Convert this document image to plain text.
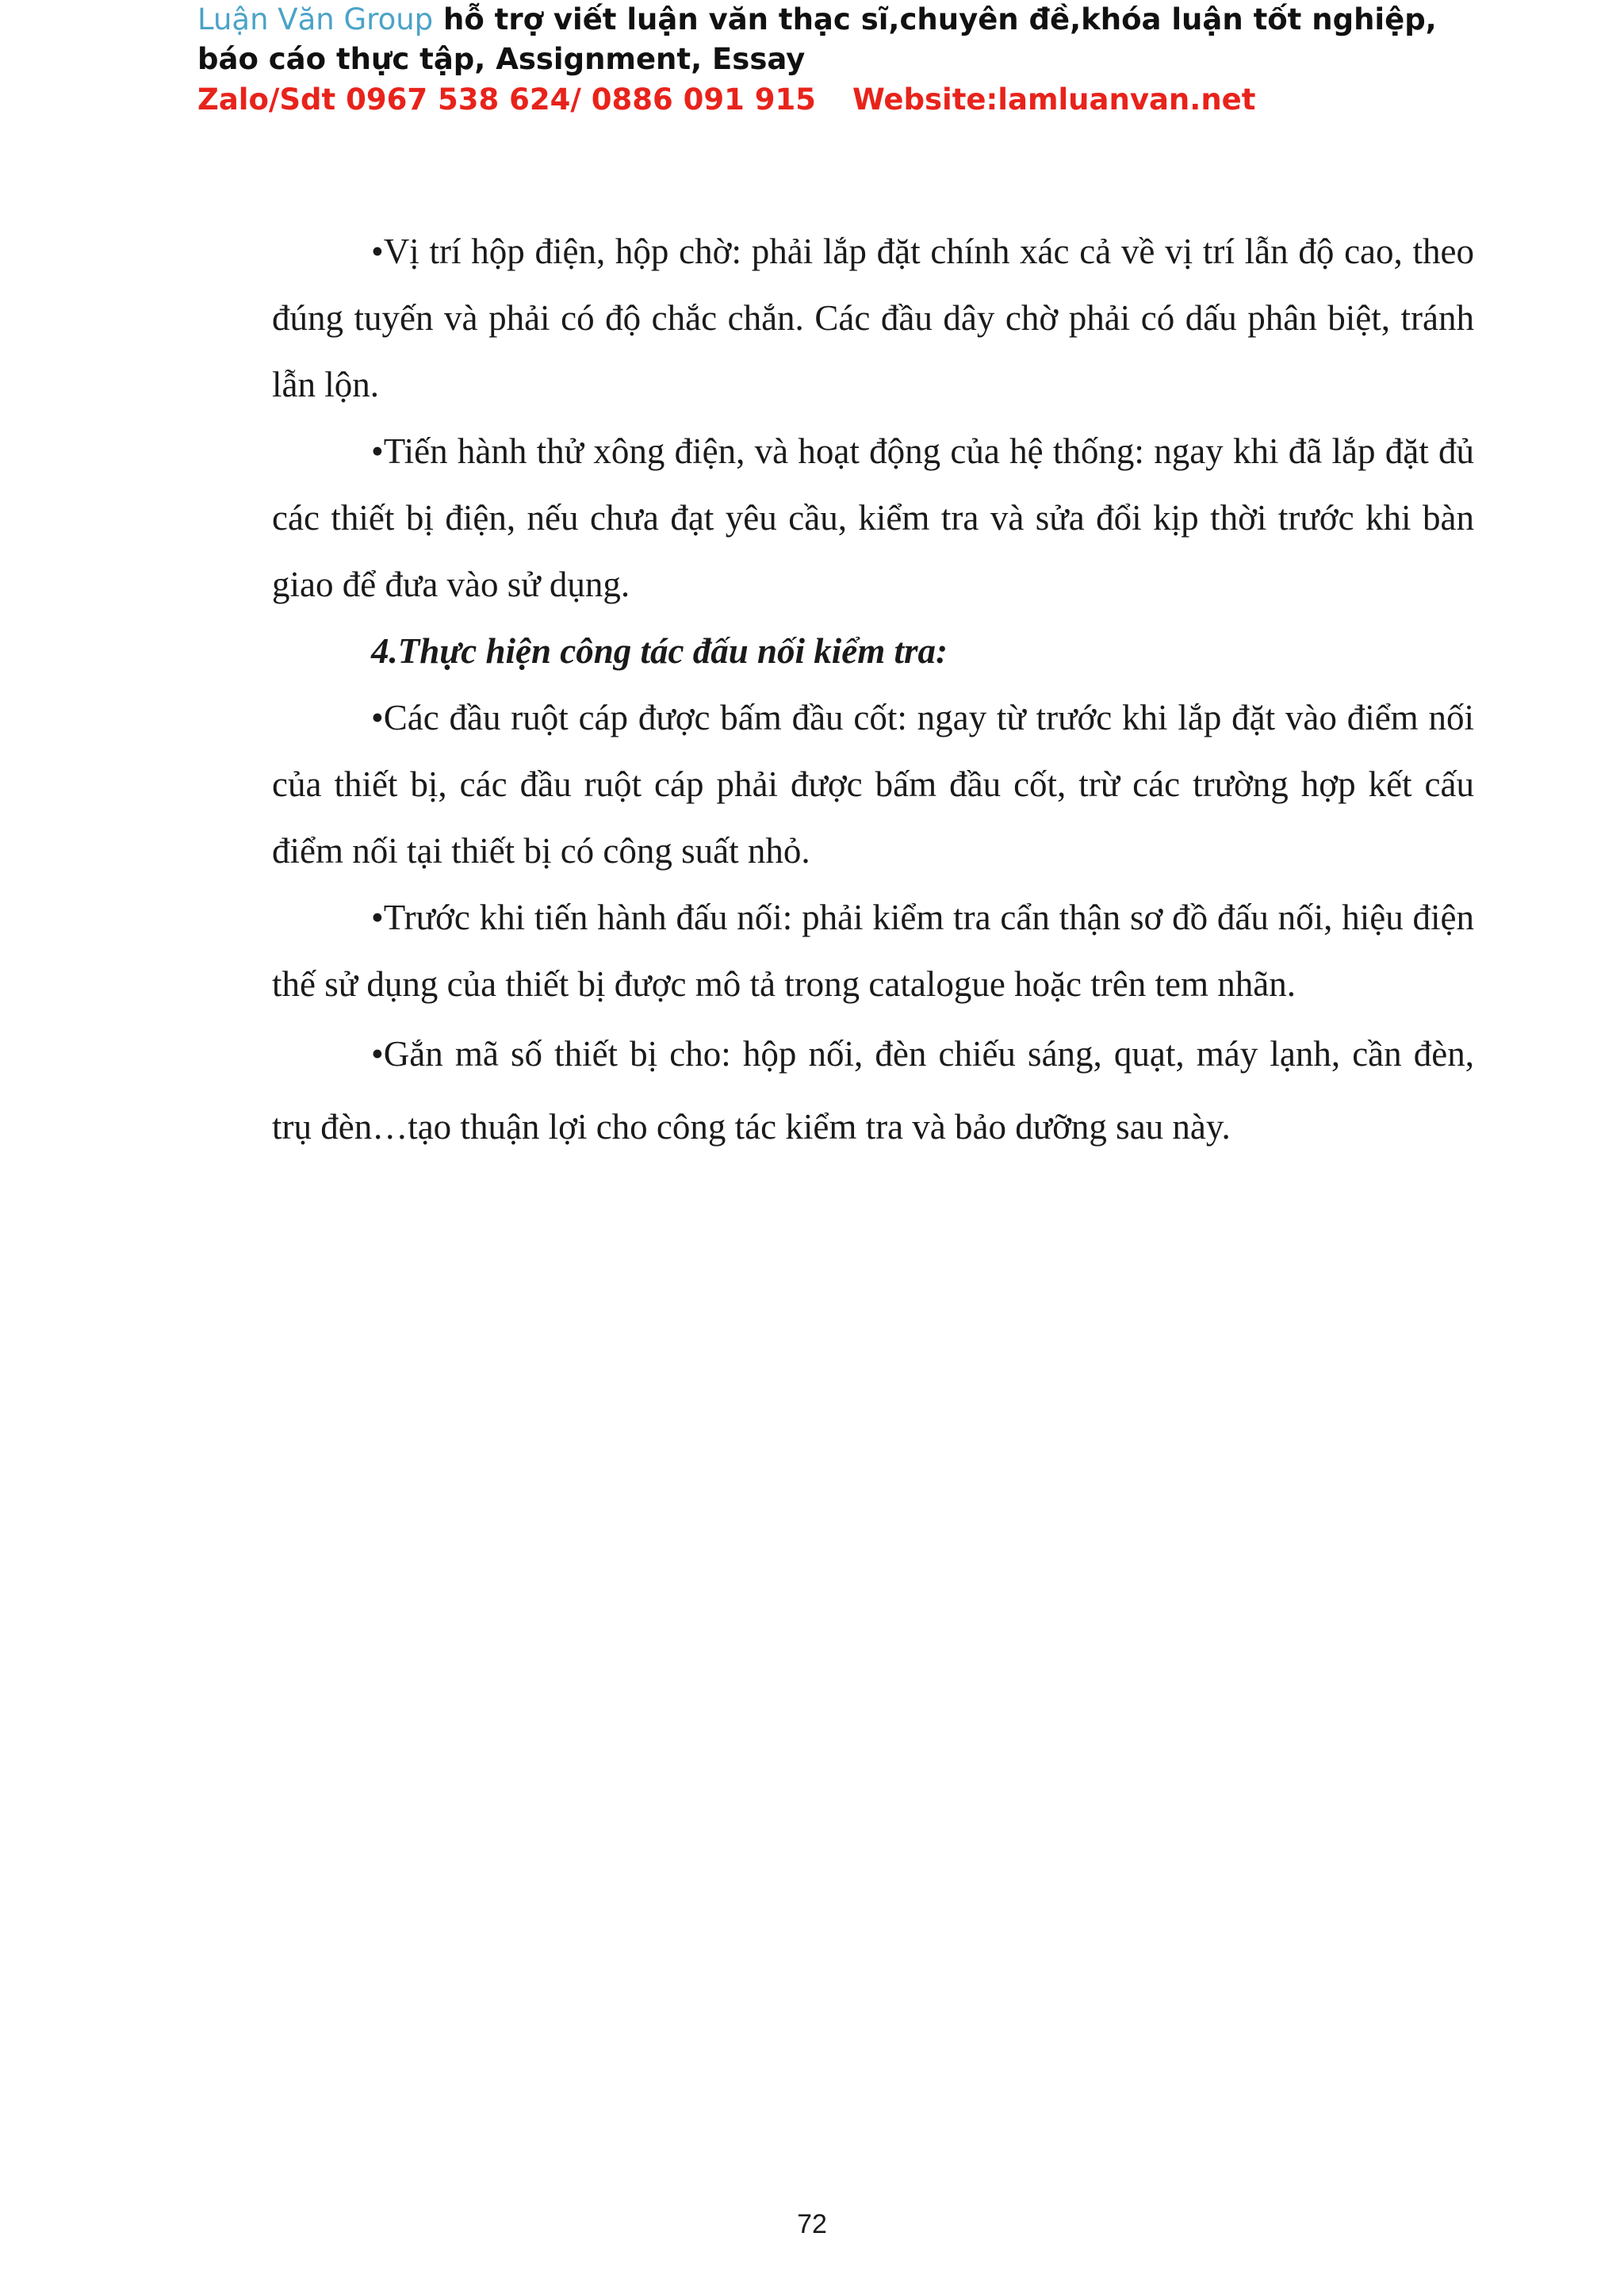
Luận Văn Group hỗ trợ viết luận văn thạc sĩ,chuyên đề,khóa luận tốt nghiệp, báo cáo thực tập, Assignment, Essay
Zalo/Sdt 0967 538 624/ 0886 091 915 Website:lamluanvan.net

•Vị trí hộp điện, hộp chờ: phải lắp đặt chính xác cả về vị trí lẫn độ cao, theo đúng tuyến và phải có độ chắc chắn. Các đầu dây chờ phải có dấu phân biệt, tránh lẫn lộn.

•Tiến hành thử xông điện, và hoạt động của hệ thống: ngay khi đã lắp đặt đủ các thiết bị điện, nếu chưa đạt yêu cầu, kiểm tra và sửa đổi kịp thời trước khi bàn giao để đưa vào sử dụng.

4.Thực hiện công tác đấu nối kiểm tra:

•Các đầu ruột cáp được bấm đầu cốt: ngay từ trước khi lắp đặt vào điểm nối của thiết bị, các đầu ruột cáp phải được bấm đầu cốt, trừ các trường hợp kết cấu điểm nối tại thiết bị có công suất nhỏ.

•Trước khi tiến hành đấu nối: phải kiểm tra cẩn thận sơ đồ đấu nối, hiệu điện thế sử dụng của thiết bị được mô tả trong catalogue hoặc trên tem nhãn.

•Gắn mã số thiết bị cho: hộp nối, đèn chiếu sáng, quạt, máy lạnh, cần đèn, trụ đèn…tạo thuận lợi cho công tác kiểm tra và bảo dưỡng sau này.

72
